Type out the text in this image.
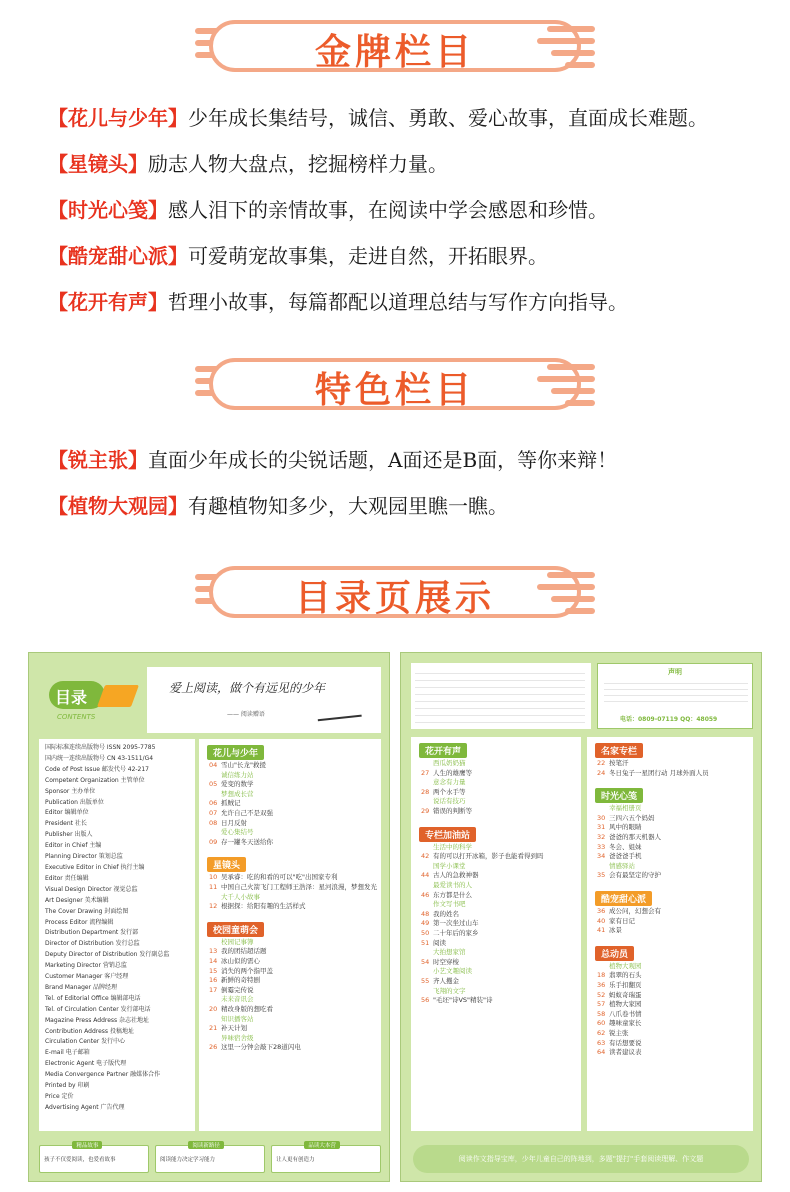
金牌栏目
【花儿与少年】少年成长集结号，诚信、勇敢、爱心故事，直面成长难题。
【星镜头】励志人物大盘点，挖掘榜样力量。
【时光心笺】感人泪下的亲情故事，在阅读中学会感恩和珍惜。
【酷宠甜心派】可爱萌宠故事集，走进自然，开拓眼界。
【花开有声】哲理小故事，每篇都配以道理总结与写作方向指导。
特色栏目
【锐主张】直面少年成长的尖锐话题，A面还是B面，等你来辩！
【植物大观园】有趣植物知多少，大观园里瞧一瞧。
目录页展示
目录
CONTENTS
爱上阅读，做个有远见的少年
—— 阅读赠语
国际标准连续出版物号 ISSN 2095-7785
国内统一连续出版物号 CN 43-1511/G4
Code of Post Issue 邮发代号 42-217
Competent Organization 主管单位
Sponsor 主办单位
Publication 出版单位
Editor 编辑单位
President 社长
Publisher 出版人
Editor in Chief 主编
Planning Director 策划总监
Executive Editor in Chief 执行主编
Editor 责任编辑
Visual Design Director 视觉总监
Art Designer 美术编辑
The Cover Drawing 封面绘图
Process Editor 流程编辑
Distribution Department 发行部
Director of Distribution 发行总监
Deputy Director of Distribution 发行副总监
Marketing Director 营销总监
Customer Manager 客户经理
Brand Manager 品牌经理
Tel. of Editorial Office 编辑部电话
Tel. of Circulation Center 发行部电话
Magazine Press Address 杂志社地址
Contribution Address 投稿地址
Circulation Center 发行中心
E-mail 电子邮箱
Electronic Agent 电子版代理
Media Convergence Partner 融媒体合作
Printed by 印刷
Price 定价
Advertising Agent 广告代理
花儿与少年
04 雪山"长龙"救援
诚信练力站
05 爱变的数学
梦想成长营
06 抓贼记
07 允许自己不是双强
08 日月反射
爱心集结号
09 存一罐冬天送给你
星镜头
10 吴承睿：吃的和看的可以"吃"出国家专利
11 中国自己火箭飞门工程师王浩泽：星河浪漫，梦想发光
大千人小故事
12 根据探：给阳有趣的生活样式
校园童萌会
校园记事簿
13 我的团结超话题
14 冰山似的需心
15 消失的两个指甲盖
16 新鲜的奇特剧
17 倒霉完传说
未来音讯会
20 精改身版的想吃看
知识播客站
21 补天计划
异味宿舍级
26 这里一分钟会敲下28道闪电
精品故事
孩子不仅爱阅读，也爱看故事
阅读新路径
阅读能力决定学习能力
品读大本营
让人更有创造力
声明
电话：0809-07119 QQ：48059
花开有声
西瓜奶奶猫
27 人生的雄鹰等
意念有力量
28 两个水手等
说话有技巧
29 错误的判断等
专栏加油站
生活中的科学
42 有的可以打开冰箱，影子也能看得到吗
国学小课堂
44 古人的急救神器
最爱读书的人
46 东方都是什么
作文写书吧
48 我的姓名
49 第一次坐过山车
50 二十年后的家乡
51 阅读
大拍想家馆
54 时空穿梭
小艺文趣阅读
55 齐人攫金
飞翔的文字
56 "毛坯"诗VS"精装"诗
名家专栏
22 按笔汗
24 冬日兔子一星团行动 月球外面人员
时光心笺
幸福相册页
30 三四六五个妈妈
31 风中的眼睛
32 爸爸的那天机器人
33 冬会、姐妹
34 爸爸爸手机
情感驿站
35 会有最坚定的守护
酷宠甜心派
36 成公问，幻想会有
40 家有日记
41 冰景
总动员
植物大观园
18 翡翠的石头
36 乐手扣翻页
52 蚂蚁奇瑞蛋
57 植物大家园
58 八爪卷书情
60 趣味童家长
62 锐主张
63 有话想要说
64 读者建议表
阅读作文指导宝库，少年儿童自己的阵地到，多题"提打"手套阅读理解、作文题
